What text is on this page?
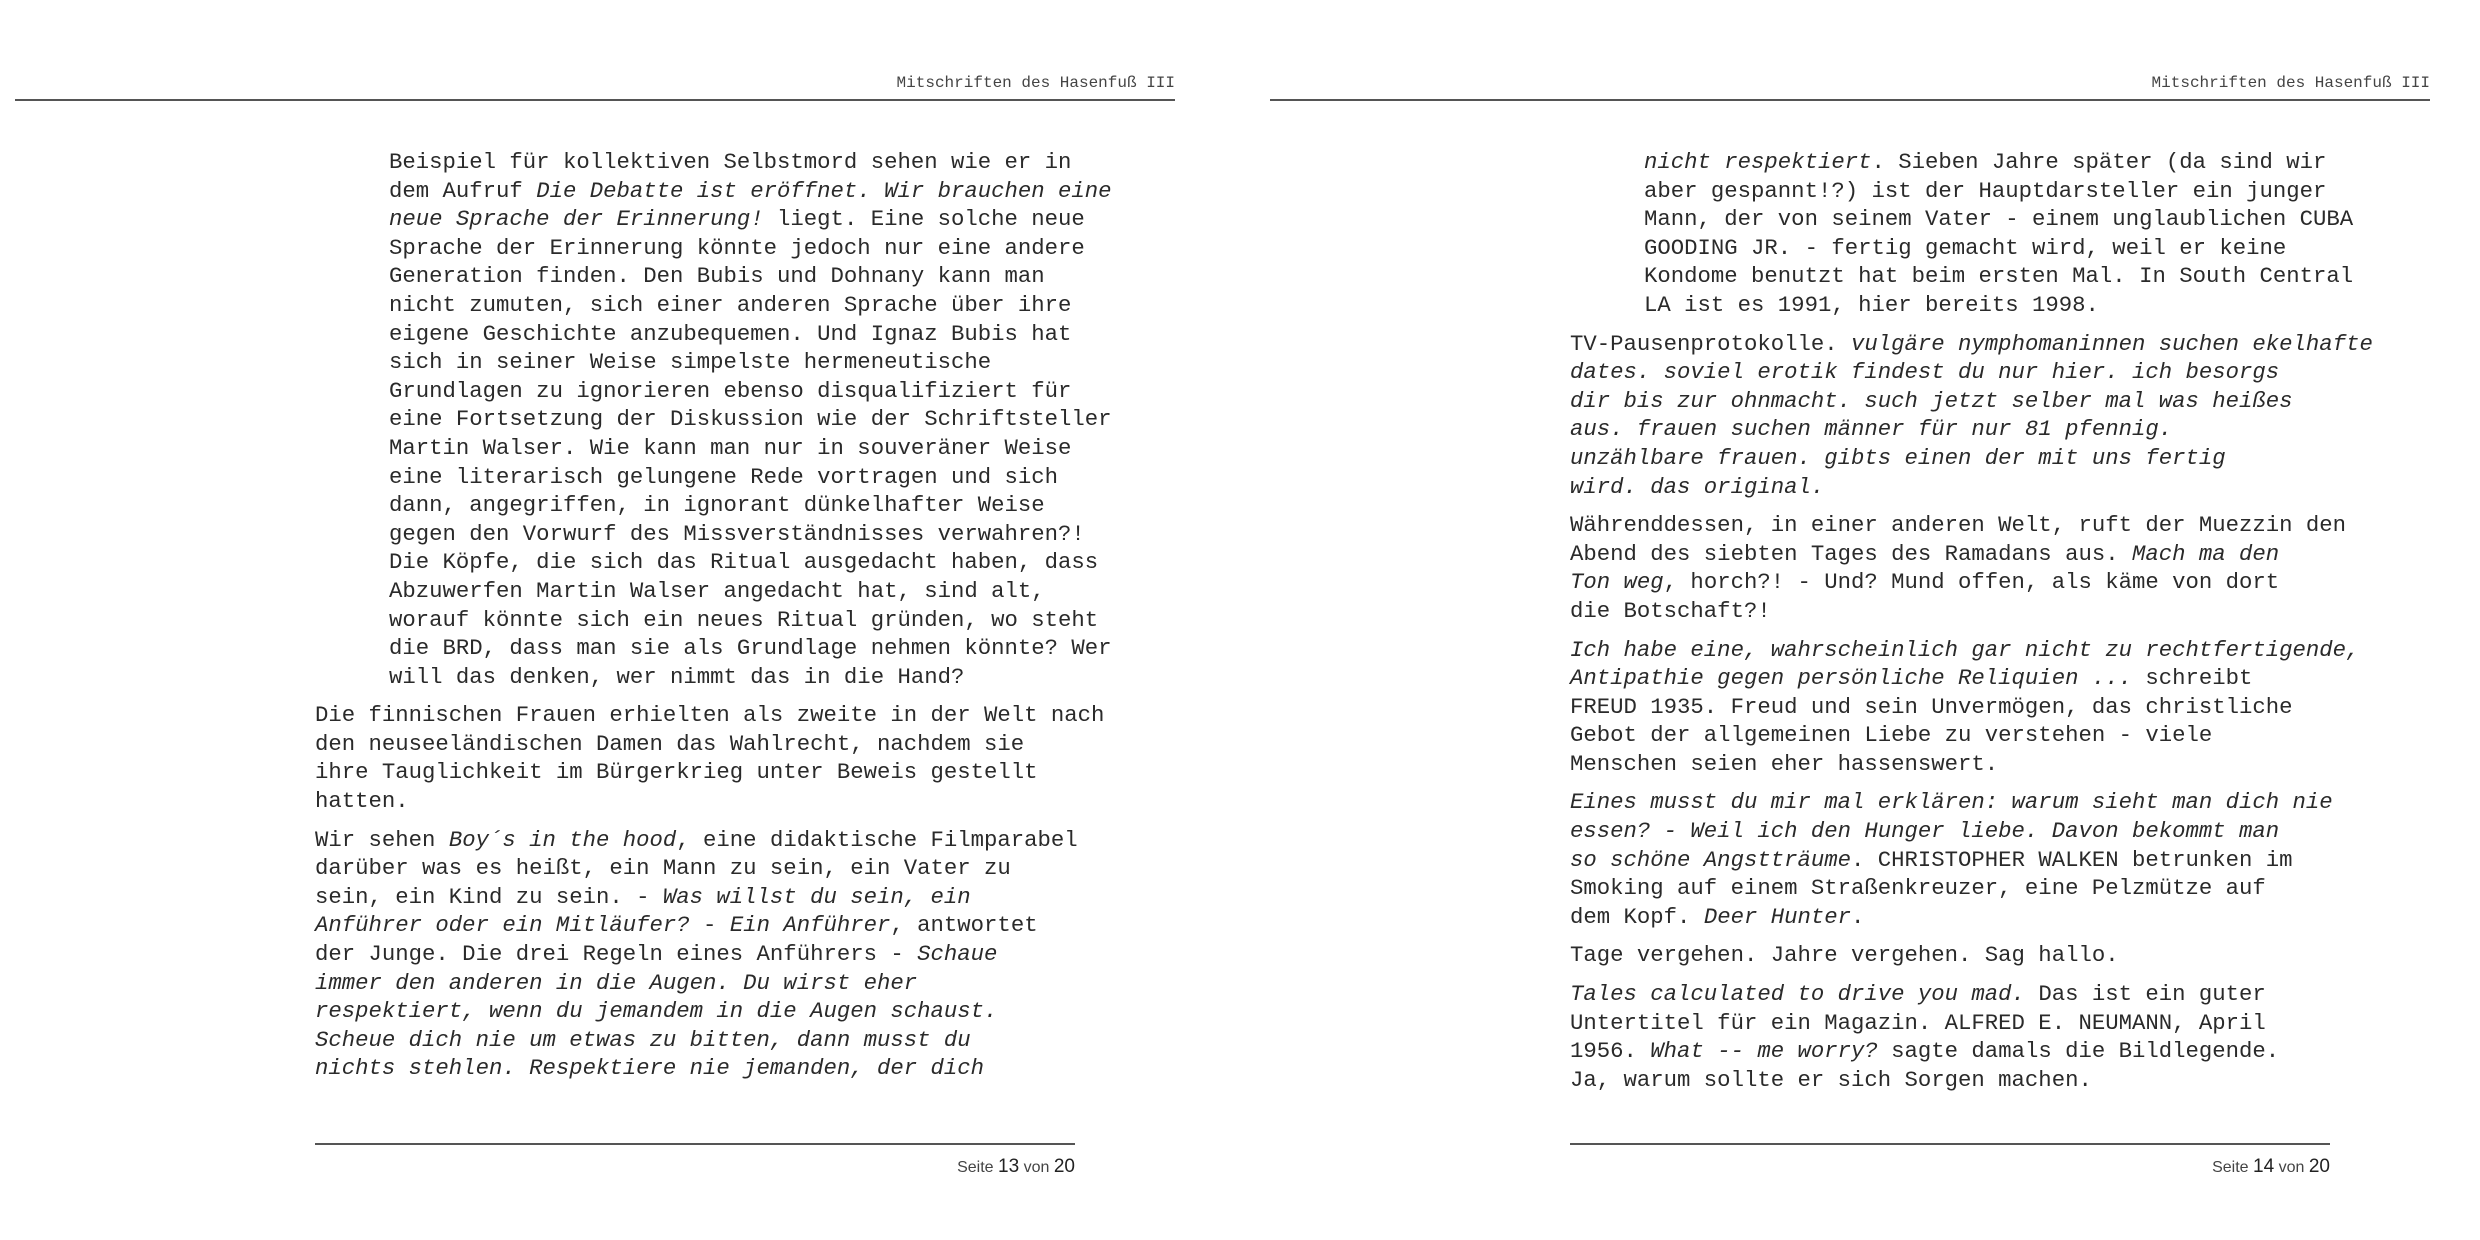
Mitschriften des Hasenfuß III
Beispiel für kollektiven Selbstmord sehen wie er in
dem Aufruf Die Debatte ist eröffnet. Wir brauchen eine
neue Sprache der Erinnerung! liegt. Eine solche neue
Sprache der Erinnerung könnte jedoch nur eine andere
Generation finden. Den Bubis und Dohnany kann man
nicht zumuten, sich einer anderen Sprache über ihre
eigene Geschichte anzubequemen. Und Ignaz Bubis hat
sich in seiner Weise simpelste hermeneutische
Grundlagen zu ignorieren ebenso disqualifiziert für
eine Fortsetzung der Diskussion wie der Schriftsteller
Martin Walser. Wie kann man nur in souveräner Weise
eine literarisch gelungene Rede vortragen und sich
dann, angegriffen, in ignorant dünkelhafter Weise
gegen den Vorwurf des Missverständnisses verwahren?!
Die Köpfe, die sich das Ritual ausgedacht haben, dass
Abzuwerfen Martin Walser angedacht hat, sind alt,
worauf könnte sich ein neues Ritual gründen, wo steht
die BRD, dass man sie als Grundlage nehmen könnte? Wer
will das denken, wer nimmt das in die Hand?
Die finnischen Frauen erhielten als zweite in der Welt nach
den neuseeländischen Damen das Wahlrecht, nachdem sie
ihre Tauglichkeit im Bürgerkrieg unter Beweis gestellt
hatten.
Wir sehen Boy´s in the hood, eine didaktische Filmparabel
darüber was es heißt, ein Mann zu sein, ein Vater zu
sein, ein Kind zu sein. - Was willst du sein, ein
Anführer oder ein Mitläufer? - Ein Anführer, antwortet
der Junge. Die drei Regeln eines Anführers - Schaue
immer den anderen in die Augen. Du wirst eher
respektiert, wenn du jemandem in die Augen schaust.
Scheue dich nie um etwas zu bitten, dann musst du
nichts stehlen. Respektiere nie jemanden, der dich
Seite 13 von 20
Mitschriften des Hasenfuß III
nicht respektiert. Sieben Jahre später (da sind wir
aber gespannt!?) ist der Hauptdarsteller ein junger
Mann, der von seinem Vater - einem unglaublichen CUBA
GOODING JR. - fertig gemacht wird, weil er keine
Kondome benutzt hat beim ersten Mal. In South Central
LA ist es 1991, hier bereits 1998.
TV-Pausenprotokolle. vulgäre nymphomaninnen suchen ekelhafte
dates. soviel erotik findest du nur hier. ich besorgs
dir bis zur ohnmacht. such jetzt selber mal was heißes
aus. frauen suchen männer für nur 81 pfennig.
unzählbare frauen. gibts einen der mit uns fertig
wird. das original.
Währenddessen, in einer anderen Welt, ruft der Muezzin den
Abend des siebten Tages des Ramadans aus. Mach ma den
Ton weg, horch?! - Und? Mund offen, als käme von dort
die Botschaft?!
Ich habe eine, wahrscheinlich gar nicht zu rechtfertigende,
Antipathie gegen persönliche Reliquien ... schreibt
FREUD 1935. Freud und sein Unvermögen, das christliche
Gebot der allgemeinen Liebe zu verstehen - viele
Menschen seien eher hassenswert.
Eines musst du mir mal erklären: warum sieht man dich nie
essen? - Weil ich den Hunger liebe. Davon bekommt man
so schöne Angstträume. CHRISTOPHER WALKEN betrunken im
Smoking auf einem Straßenkreuzer, eine Pelzmütze auf
dem Kopf. Deer Hunter.
Tage vergehen. Jahre vergehen. Sag hallo.
Tales calculated to drive you mad. Das ist ein guter
Untertitel für ein Magazin. ALFRED E. NEUMANN, April
1956. What -- me worry? sagte damals die Bildlegende.
Ja, warum sollte er sich Sorgen machen.
Seite 14 von 20
